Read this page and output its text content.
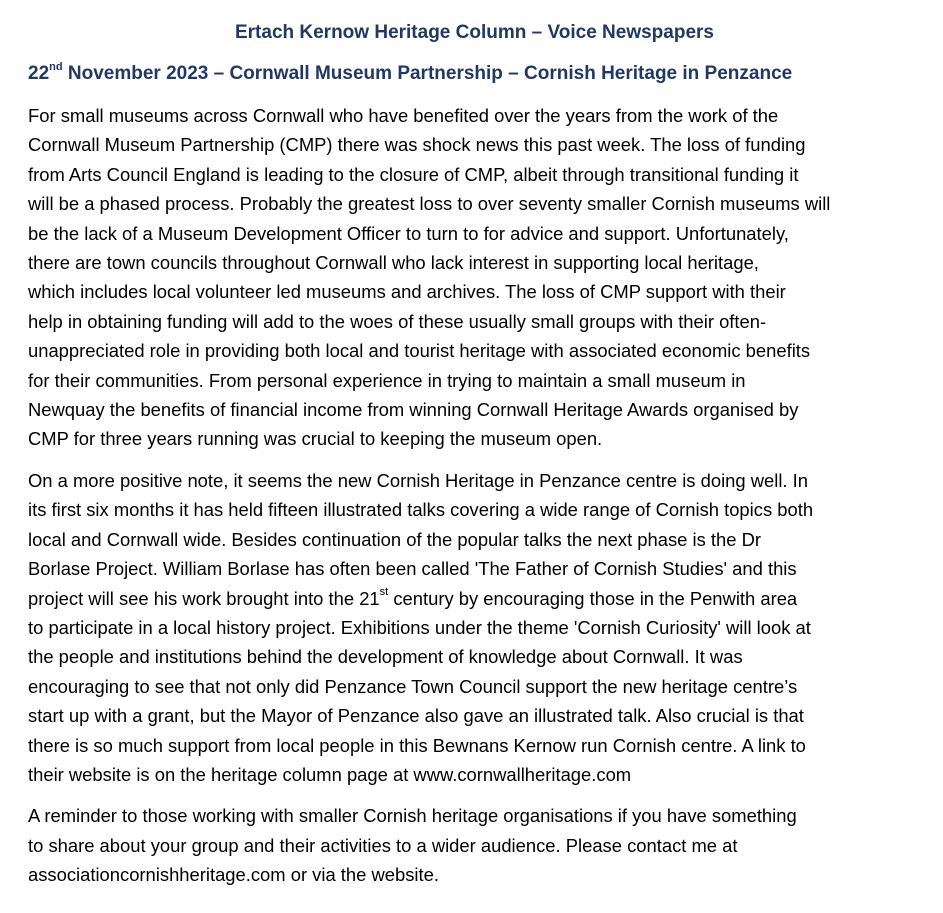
Ertach Kernow Heritage Column – Voice Newspapers
22nd November 2023 – Cornwall Museum Partnership – Cornish Heritage in Penzance
For small museums across Cornwall who have benefited over the years from the work of the
Cornwall Museum Partnership (CMP) there was shock news this past week. The loss of funding
from Arts Council England is leading to the closure of CMP, albeit through transitional funding it
will be a phased process. Probably the greatest loss to over seventy smaller Cornish museums will
be the lack of a Museum Development Officer to turn to for advice and support. Unfortunately,
there are town councils throughout Cornwall who lack interest in supporting local heritage,
which includes local volunteer led museums and archives. The loss of CMP support with their
help in obtaining funding will add to the woes of these usually small groups with their often-
unappreciated role in providing both local and tourist heritage with associated economic benefits
for their communities. From personal experience in trying to maintain a small museum in
Newquay the benefits of financial income from winning Cornwall Heritage Awards organised by
CMP for three years running was crucial to keeping the museum open.
On a more positive note, it seems the new Cornish Heritage in Penzance centre is doing well. In
its first six months it has held fifteen illustrated talks covering a wide range of Cornish topics both
local and Cornwall wide. Besides continuation of the popular talks the next phase is the Dr
Borlase Project. William Borlase has often been called 'The Father of Cornish Studies' and this
project will see his work brought into the 21st century by encouraging those in the Penwith area
to participate in a local history project. Exhibitions under the theme 'Cornish Curiosity' will look at
the people and institutions behind the development of knowledge about Cornwall. It was
encouraging to see that not only did Penzance Town Council support the new heritage centre’s
start up with a grant, but the Mayor of Penzance also gave an illustrated talk. Also crucial is that
there is so much support from local people in this Bewnans Kernow run Cornish centre. A link to
their website is on the heritage column page at www.cornwallheritage.com
A reminder to those working with smaller Cornish heritage organisations if you have something
to share about your group and their activities to a wider audience. Please contact me at
associationcornishheritage.com or via the website.
